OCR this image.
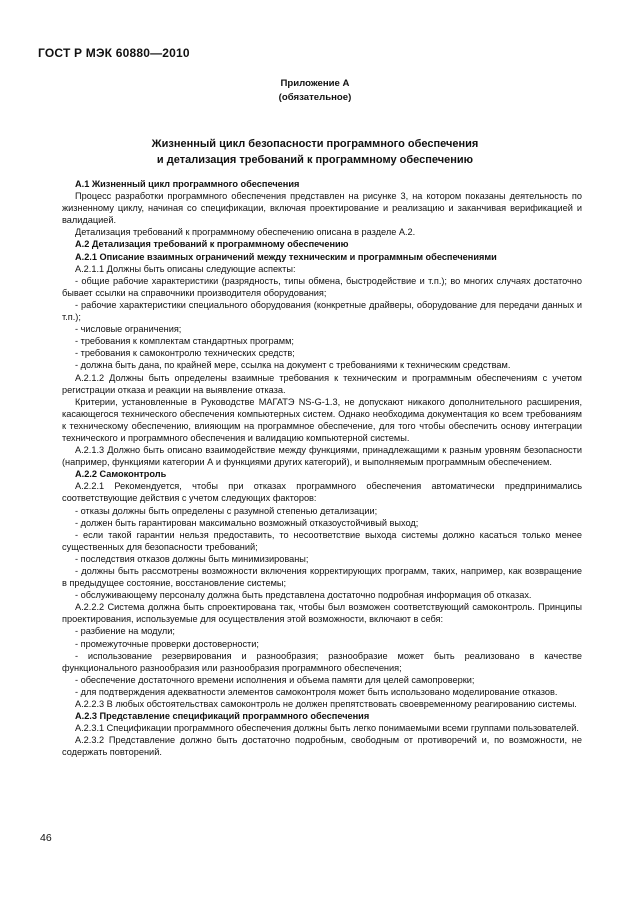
ГОСТ Р МЭК 60880—2010
Приложение А
(обязательное)
Жизненный цикл безопасности программного обеспечения
и детализация требований к программному обеспечению

А.1 Жизненный цикл программного обеспечения

Процесс разработки программного обеспечения представлен на рисунке 3, на котором показаны деятельность по жизненному циклу, начиная со спецификации, включая проектирование и реализацию и заканчивая верификацией и валидацией.

Детализация требований к программному обеспечению описана в разделе А.2.

А.2 Детализация требований к программному обеспечению

А.2.1 Описание взаимных ограничений между техническим и программным обеспечениями

А.2.1.1 Должны быть описаны следующие аспекты:

- общие рабочие характеристики (разрядность, типы обмена, быстродействие и т.п.); во многих случаях достаточно бывает ссылки на справочники производителя оборудования;

- рабочие характеристики специального оборудования (конкретные драйверы, оборудование для передачи данных и т.п.);

- числовые ограничения;

- требования к комплектам стандартных программ;

- требования к самоконтролю технических средств;

- должна быть дана, по крайней мере, ссылка на документ с требованиями к техническим средствам.

А.2.1.2 Должны быть определены взаимные требования к техническим и программным обеспечениям с учетом регистрации отказа и реакции на выявление отказа.

Критерии, установленные в Руководстве МАГАТЭ NS-G-1.3, не допускают никакого дополнительного расширения, касающегося технического обеспечения компьютерных систем. Однако необходима документация ко всем требованиям к техническому обеспечению, влияющим на программное обеспечение, для того чтобы обеспечить основу интеграции технического и программного обеспечения и валидацию компьютерной системы.

А.2.1.3 Должно быть описано взаимодействие между функциями, принадлежащими к разным уровням безопасности (например, функциями категории А и функциями других категорий), и выполняемым программным обеспечением.

А.2.2 Самоконтроль

А.2.2.1 Рекомендуется, чтобы при отказах программного обеспечения автоматически предпринимались соответствующие действия с учетом следующих факторов:

- отказы должны быть определены с разумной степенью детализации;

- должен быть гарантирован максимально возможный отказоустойчивый выход;

- если такой гарантии нельзя предоставить, то несоответствие выхода системы должно касаться только менее существенных для безопасности требований;

- последствия отказов должны быть минимизированы;

- должны быть рассмотрены возможности включения корректирующих программ, таких, например, как возвращение в предыдущее состояние, восстановление системы;

- обслуживающему персоналу должна быть представлена достаточно подробная информация об отказах.

А.2.2.2 Система должна быть спроектирована так, чтобы был возможен соответствующий самоконтроль. Принципы проектирования, используемые для осуществления этой возможности, включают в себя:

- разбиение на модули;

- промежуточные проверки достоверности;

- использование резервирования и разнообразия; разнообразие может быть реализовано в качестве функционального разнообразия или разнообразия программного обеспечения;

- обеспечение достаточного времени исполнения и объема памяти для целей самопроверки;

- для подтверждения адекватности элементов самоконтроля может быть использовано моделирование отказов.

А.2.2.3 В любых обстоятельствах самоконтроль не должен препятствовать своевременному реагированию системы.

А.2.3 Представление спецификаций программного обеспечения

А.2.3.1 Спецификации программного обеспечения должны быть легко понимаемыми всеми группами пользователей.

А.2.3.2 Представление должно быть достаточно подробным, свободным от противоречий и, по возможности, не содержать повторений.

46
